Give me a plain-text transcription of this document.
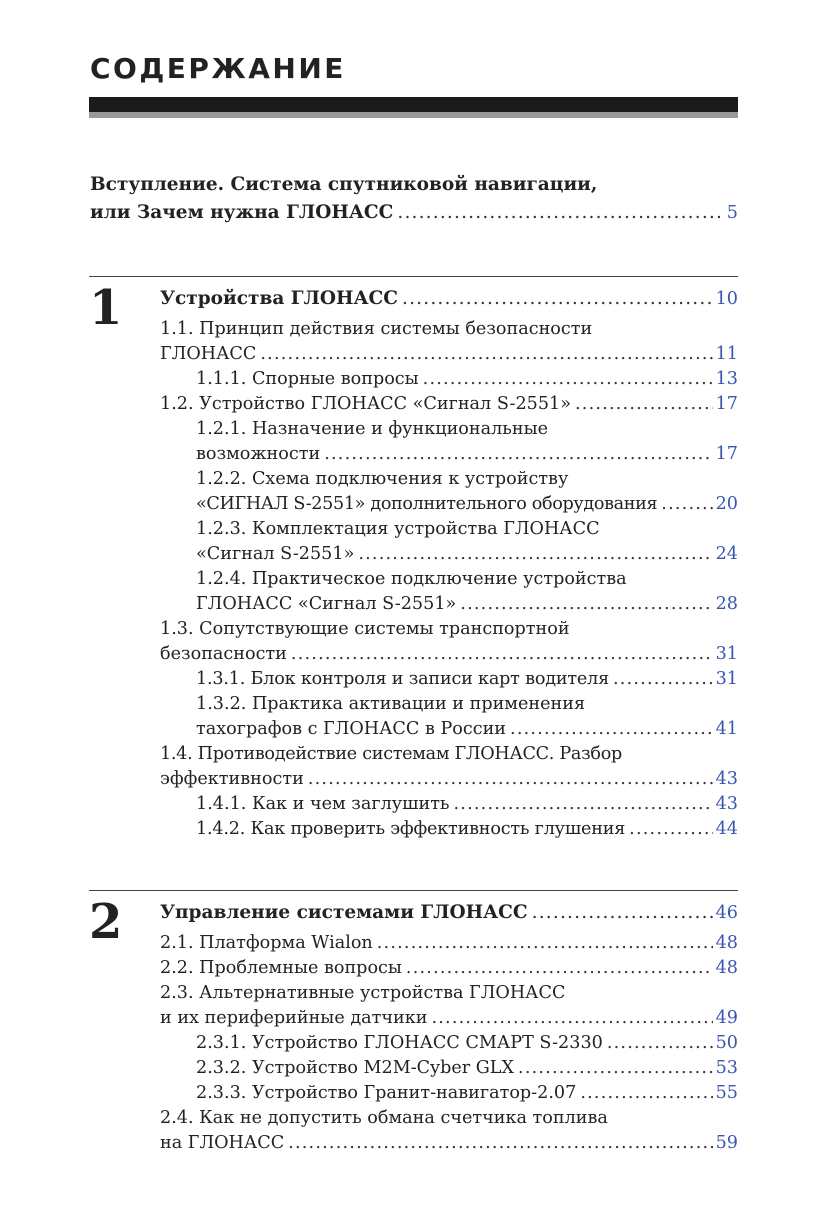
СОДЕРЖАНИЕ
Вступление. Система спутниковой навигации,
или Зачем нужна ГЛОНАСС .....	5
1 Устройства ГЛОНАСС .....	10
1.1. Принцип действия системы безопасности
ГЛОНАСС .....	11
1.1.1. Спорные вопросы .....	13
1.2. Устройство ГЛОНАСС «Сигнал S-2551» .....	17
1.2.1. Назначение и функциональные
возможности .....	17
1.2.2. Схема подключения к устройству
«СИГНАЛ S-2551» дополнительного оборудования .....	20
1.2.3. Комплектация устройства ГЛОНАСС
«Сигнал S-2551» .....	24
1.2.4. Практическое подключение устройства
ГЛОНАСС «Сигнал S-2551» .....	28
1.3. Сопутствующие системы транспортной
безопасности .....	31
1.3.1. Блок контроля и записи карт водителя .....	31
1.3.2. Практика активации и применения
тахографов с ГЛОНАСС в России .....	41
1.4. Противодействие системам ГЛОНАСС. Разбор
эффективности .....	43
1.4.1. Как и чем заглушить .....	43
1.4.2. Как проверить эффективность глушения .....	44
2 Управление системами ГЛОНАСС .....	46
2.1. Платформа Wialon .....	48
2.2. Проблемные вопросы .....	48
2.3. Альтернативные устройства ГЛОНАСС
и их периферийные датчики .....	49
2.3.1. Устройство ГЛОНАСС СМАРТ S-2330 .....	50
2.3.2. Устройство M2M-Cyber GLX .....	53
2.3.3. Устройство Гранит-навигатор-2.07 .....	55
2.4. Как не допустить обмана счетчика топлива
на ГЛОНАСС .....	59
